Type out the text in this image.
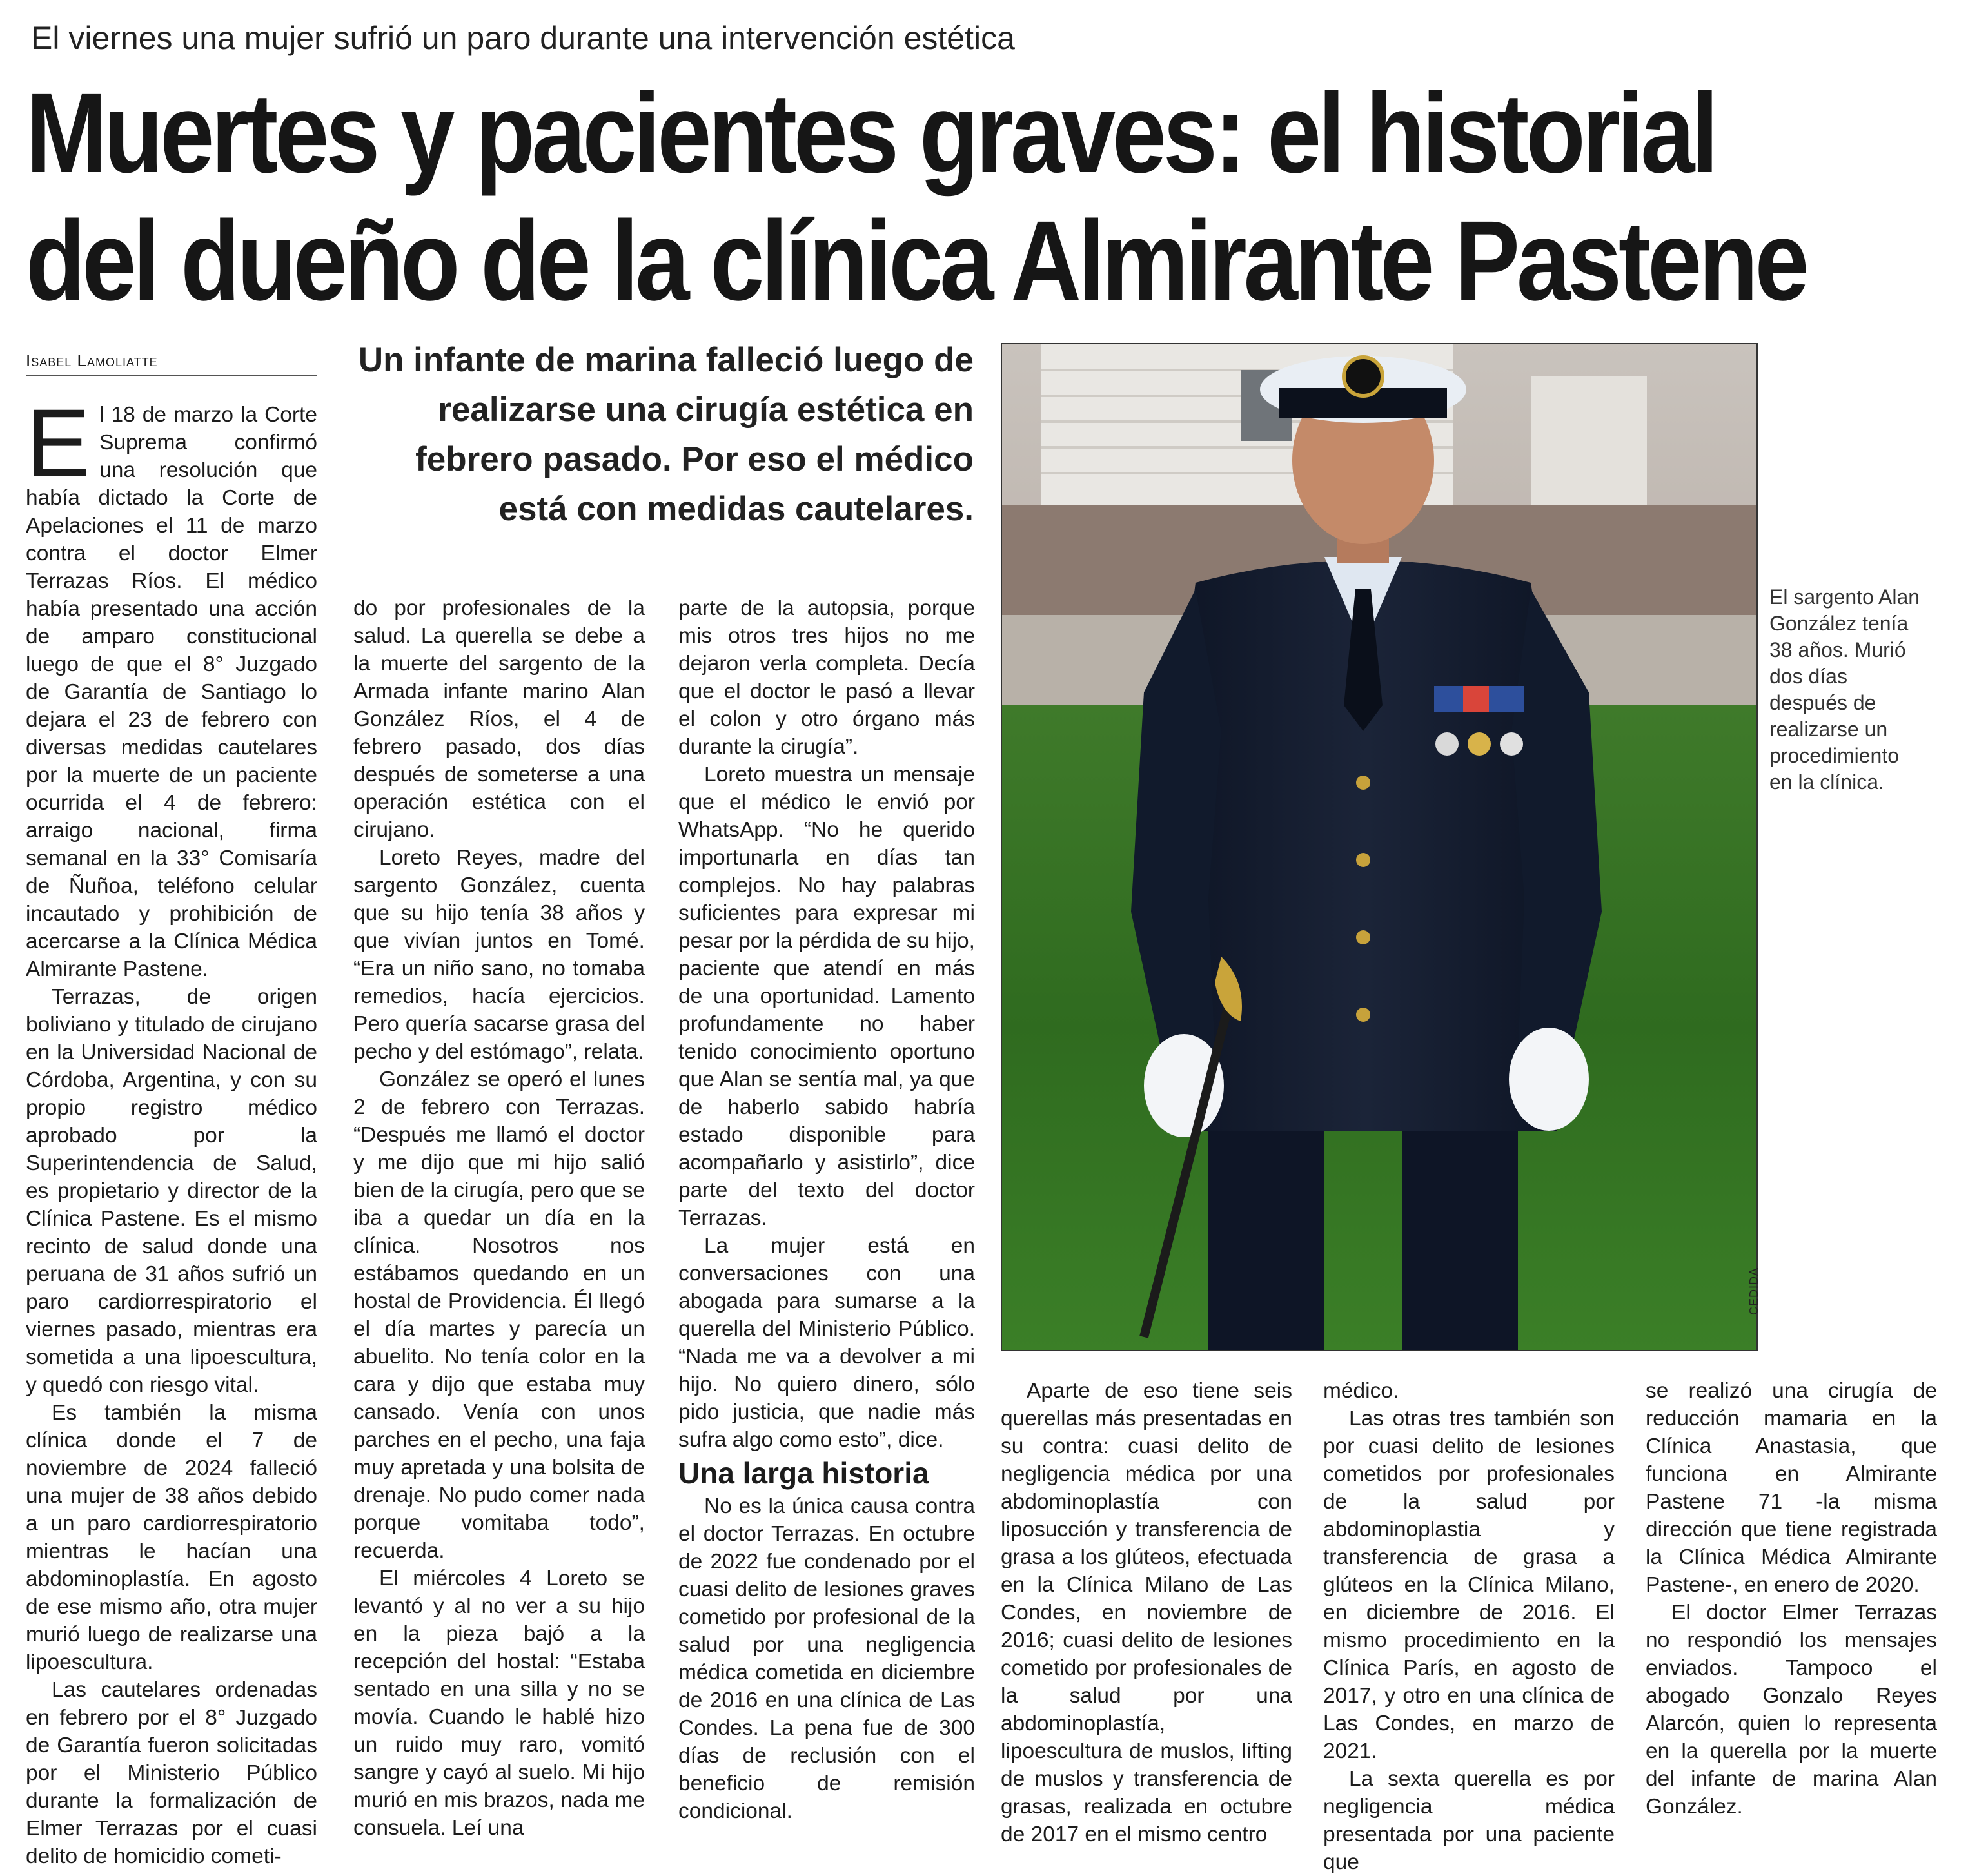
El viernes una mujer sufrió un paro durante una intervención estética
Muertes y pacientes graves: el historial
del dueño de la clínica Almirante Pastene
Isabel Lamoliatte	Un infante de marina falleció luego de realizarse una cirugía estética en febrero pasado. Por eso el médico está con medidas cautelares.

El 18 de marzo la Corte Suprema confirmó una resolución que había dictado la Corte de Apelaciones el 11 de marzo contra el doctor Elmer Terrazas Ríos. El médico había presentado una acción de amparo constitucional luego de que el 8° Juzgado de Garantía de Santiago lo dejara el 23 de febrero con diversas medidas cautelares por la muerte de un paciente ocurrida el 4 de febrero: arraigo nacional, firma semanal en la 33° Comisaría de Ñuñoa, teléfono celular incautado y prohibición de acercarse a la Clínica Médica Almirante Pastene.

Terrazas, de origen boliviano y titulado de cirujano en la Universidad Nacional de Córdoba, Argentina, y con su propio registro médico aprobado por la Superintendencia de Salud, es propietario y director de la Clínica Pastene. Es el mismo recinto de salud donde una peruana de 31 años sufrió un paro cardiorrespiratorio el viernes pasado, mientras era sometida a una lipoescultura, y quedó con riesgo vital.

Es también la misma clínica donde el 7 de noviembre de 2024 falleció una mujer de 38 años debido a un paro cardiorrespiratorio mientras le hacían una abdominoplastía. En agosto de ese mismo año, otra mujer murió luego de realizarse una lipoescultura.

Las cautelares ordenadas en febrero por el 8° Juzgado de Garantía fueron solicitadas por el Ministerio Público durante la formalización de Elmer Terrazas por el cuasi delito de homicidio cometi-

do por profesionales de la salud. La querella se debe a la muerte del sargento de la Armada infante marino Alan González Ríos, el 4 de febrero pasado, dos días después de someterse a una operación estética con el cirujano.

Loreto Reyes, madre del sargento González, cuenta que su hijo tenía 38 años y que vivían juntos en Tomé. “Era un niño sano, no tomaba remedios, hacía ejercicios. Pero quería sacarse grasa del pecho y del estómago”, relata.

González se operó el lunes 2 de febrero con Terrazas. “Después me llamó el doctor y me dijo que mi hijo salió bien de la cirugía, pero que se iba a quedar un día en la clínica. Nosotros nos estábamos quedando en un hostal de Providencia. Él llegó el día martes y parecía un abuelito. No tenía color en la cara y dijo que estaba muy cansado. Venía con unos parches en el pecho, una faja muy apretada y una bolsita de drenaje. No pudo comer nada porque vomitaba todo”, recuerda.

El miércoles 4 Loreto se levantó y al no ver a su hijo en la pieza bajó a la recepción del hostal: “Estaba sentado en una silla y no se movía. Cuando le hablé hizo un ruido muy raro, vomitó sangre y cayó al suelo. Mi hijo murió en mis brazos, nada me consuela. Leí una

parte de la autopsia, porque mis otros tres hijos no me dejaron verla completa. Decía que el doctor le pasó a llevar el colon y otro órgano más durante la cirugía”.

Loreto muestra un mensaje que el médico le envió por WhatsApp. “No he querido importunarla en días tan complejos. No hay palabras suficientes para expresar mi pesar por la pérdida de su hijo, paciente que atendí en más de una oportunidad. Lamento profundamente no haber tenido conocimiento oportuno que Alan se sentía mal, ya que de haberlo sabido habría estado disponible para acompañarlo y asistirlo”, dice parte del texto del doctor Terrazas.

La mujer está en conversaciones con una abogada para sumarse a la querella del Ministerio Público. “Nada me va a devolver a mi hijo. No quiero dinero, sólo pido justicia, que nadie más sufra algo como esto”, dice.

Una larga historia

No es la única causa contra el doctor Terrazas. En octubre de 2022 fue condenado por el cuasi delito de lesiones graves cometido por profesional de la salud por una negligencia médica cometida en diciembre de 2016 en una clínica de Las Condes. La pena fue de 300 días de reclusión con el beneficio de remisión condicional.

El sargento Alan González tenía 38 años. Murió dos días después de realizarse un procedimiento en la clínica.
CEDIDA

Aparte de eso tiene seis querellas más presentadas en su contra: cuasi delito de negligencia médica por una abdominoplastía con liposucción y transferencia de grasa a los glúteos, efectuada en la Clínica Milano de Las Condes, en noviembre de 2016; cuasi delito de lesiones cometido por profesionales de la salud por una abdominoplastía, lipoescultura de muslos, lifting de muslos y transferencia de grasas, realizada en octubre de 2017 en el mismo centro

médico.

Las otras tres también son por cuasi delito de lesiones cometidos por profesionales de la salud por abdominoplastia y transferencia de grasa a glúteos en la Clínica Milano, en diciembre de 2016. El mismo procedimiento en la Clínica París, en agosto de 2017, y otro en una clínica de Las Condes, en marzo de 2021.

La sexta querella es por negligencia médica presentada por una paciente que

se realizó una cirugía de reducción mamaria en la Clínica Anastasia, que funciona en Almirante Pastene 71 -la misma dirección que tiene registrada la Clínica Médica Almirante Pastene-, en enero de 2020.

El doctor Elmer Terrazas no respondió los mensajes enviados. Tampoco el abogado Gonzalo Reyes Alarcón, quien lo representa en la querella por la muerte del infante de marina Alan González.
